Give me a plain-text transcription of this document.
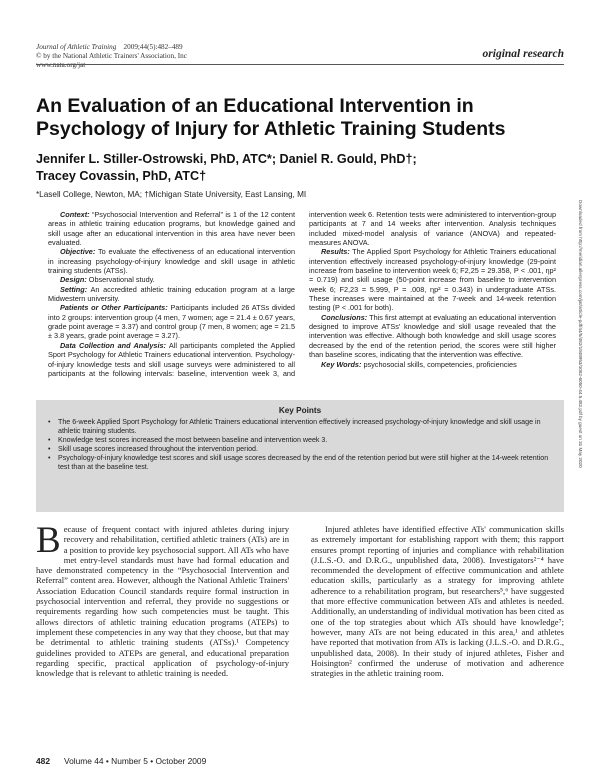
Journal of Athletic Training 2009;44(5):482–489
© by the National Athletic Trainers' Association, Inc	original research
An Evaluation of an Educational Intervention in Psychology of Injury for Athletic Training Students
Jennifer L. Stiller-Ostrowski, PhD, ATC*; Daniel R. Gould, PhD†;
Tracey Covassin, PhD, ATC†
*Lasell College, Newton, MA; †Michigan State University, East Lansing, MI

Context: “Psychosocial Intervention and Referral” is 1 of the 12 content areas in athletic training education programs, but knowledge gained and skill usage after an educational intervention in this area have never been evaluated.

Objective: To evaluate the effectiveness of an educational intervention in increasing psychology-of-injury knowledge and skill usage in athletic training students (ATSs).

Design: Observational study.

Setting: An accredited athletic training education program at a large Midwestern university.

Patients or Other Participants: Participants included 26 ATSs divided into 2 groups: intervention group (4 men, 7 women; age = 21.4 ± 0.67 years, grade point average = 3.37) and control group (7 men, 8 women; age = 21.5 ± 3.8 years, grade point average = 3.27).

Data Collection and Analysis: All participants completed the Applied Sport Psychology for Athletic Trainers educational intervention. Psychology-of-injury knowledge tests and skill usage surveys were administered to all participants at the following intervals: baseline, intervention week 3, and intervention week 6. Retention tests were administered to intervention-group participants at 7 and 14 weeks after intervention. Analysis techniques included mixed-model analysis of variance (ANOVA) and repeated-measures ANOVA.

Results: The Applied Sport Psychology for Athletic Trainers educational intervention effectively increased psychology-of-injury knowledge (29-point increase from baseline to intervention week 6; F2,25 = 29.358, P < .001, ηp² = 0.719) and skill usage (50-point increase from baseline to intervention week 6; F2,23 = 5.999, P = .008, ηp² = 0.343) in undergraduate ATSs. These increases were maintained at the 7-week and 14-week retention testing (P < .001 for both).

Conclusions: This first attempt at evaluating an educational intervention designed to improve ATSs' knowledge and skill usage revealed that the intervention was effective. Although both knowledge and skill usage scores decreased by the end of the retention period, the scores were still higher than baseline scores, indicating that the intervention was effective.

Key Words: psychosocial skills, competencies, proficiencies	Downloaded from http://meridian.allenpress.com/jat/article-pdf/44/5/482/1948953/1062-6050-44.5.482.pdf by guest on 31 May 2020
Key Points
• The 6-week Applied Sport Psychology for Athletic Trainers educational intervention effectively increased psychology-of-injury knowledge and skill usage in athletic training students.
• Knowledge test scores increased the most between baseline and intervention week 3.
• Skill usage scores increased throughout the intervention period.
• Psychology-of-injury knowledge test scores and skill usage scores decreased by the end of the retention period but were still higher at the 14-week retention test than at the baseline test.

Because of frequent contact with injured athletes during injury recovery and rehabilitation, certified athletic trainers (ATs) are in a position to provide key psychosocial support. All ATs who have met entry-level standards must have had formal education and have demonstrated competency in the “Psychosocial Intervention and Referral” content area. However, although the National Athletic Trainers' Association Education Council standards require formal instruction in psychosocial intervention and referral, they provide no suggestions or requirements regarding how such competencies must be taught. This allows directors of athletic training education programs (ATEPs) to implement these competencies in any way that they choose, but that may be detrimental to athletic training students (ATSs).¹ Competency guidelines provided to ATEPs are general, and educational preparation regarding specific, practical application of psychology-of-injury knowledge that is relevant to athletic training is needed.

Injured athletes have identified effective ATs' communication skills as extremely important for establishing rapport with them; this rapport ensures prompt reporting of injuries and compliance with rehabilitation (J.L.S.-O. and D.R.G., unpublished data, 2008). Investigators²⁻⁴ have recommended the development of effective communication and athlete education skills, particularly as a strategy for improving athlete adherence to a rehabilitation program, but researchers⁵,⁶ have suggested that more effective communication between ATs and athletes is needed. Additionally, an understanding of individual motivation has been cited as one of the top strategies about which ATs should have knowledge⁷; however, many ATs are not being educated in this area,¹ and athletes have reported that motivation from ATs is lacking (J.L.S.-O. and D.R.G., unpublished data, 2008). In their study of injured athletes, Fisher and Hoisington² confirmed the underuse of motivation and adherence strategies in the athletic training room.

482 Volume 44 • Number 5 • October 2009
